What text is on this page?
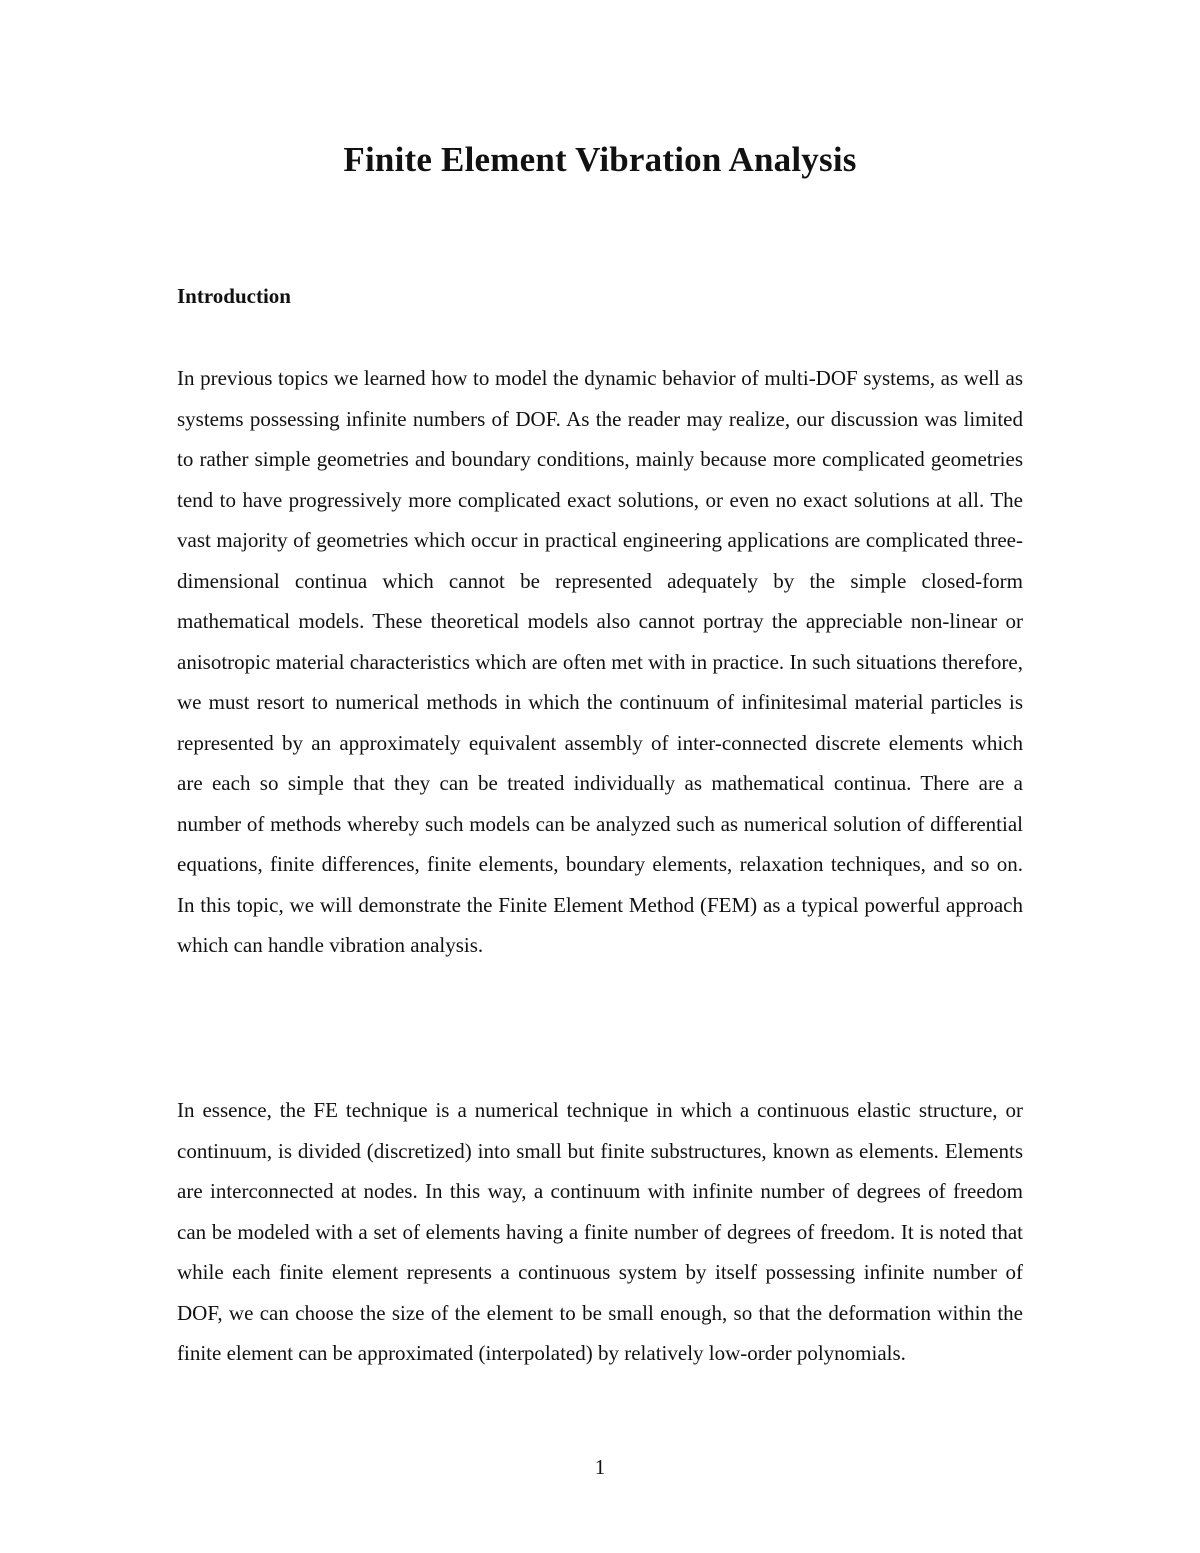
Finite Element Vibration Analysis
Introduction

In previous topics we learned how to model the dynamic behavior of multi-DOF systems, as well as systems possessing infinite numbers of DOF. As the reader may realize, our discussion was limited to rather simple geometries and boundary conditions, mainly because more complicated geometries tend to have progressively more complicated exact solutions, or even no exact solutions at all. The vast majority of geometries which occur in practical engineering applications are complicated three-dimensional continua which cannot be represented adequately by the simple closed-form mathematical models. These theoretical models also cannot portray the appreciable non-linear or anisotropic material characteristics which are often met with in practice. In such situations therefore, we must resort to numerical methods in which the continuum of infinitesimal material particles is represented by an approximately equivalent assembly of inter-connected discrete elements which are each so simple that they can be treated individually as mathematical continua. There are a number of methods whereby such models can be analyzed such as numerical solution of differential equations, finite differences, finite elements, boundary elements, relaxation techniques, and so on. In this topic, we will demonstrate the Finite Element Method (FEM) as a typical powerful approach which can handle vibration analysis.

In essence, the FE technique is a numerical technique in which a continuous elastic structure, or continuum, is divided (discretized) into small but finite substructures, known as elements. Elements are interconnected at nodes. In this way, a continuum with infinite number of degrees of freedom can be modeled with a set of elements having a finite number of degrees of freedom. It is noted that while each finite element represents a continuous system by itself possessing infinite number of DOF, we can choose the size of the element to be small enough, so that the deformation within the finite element can be approximated (interpolated) by relatively low-order polynomials.

1
